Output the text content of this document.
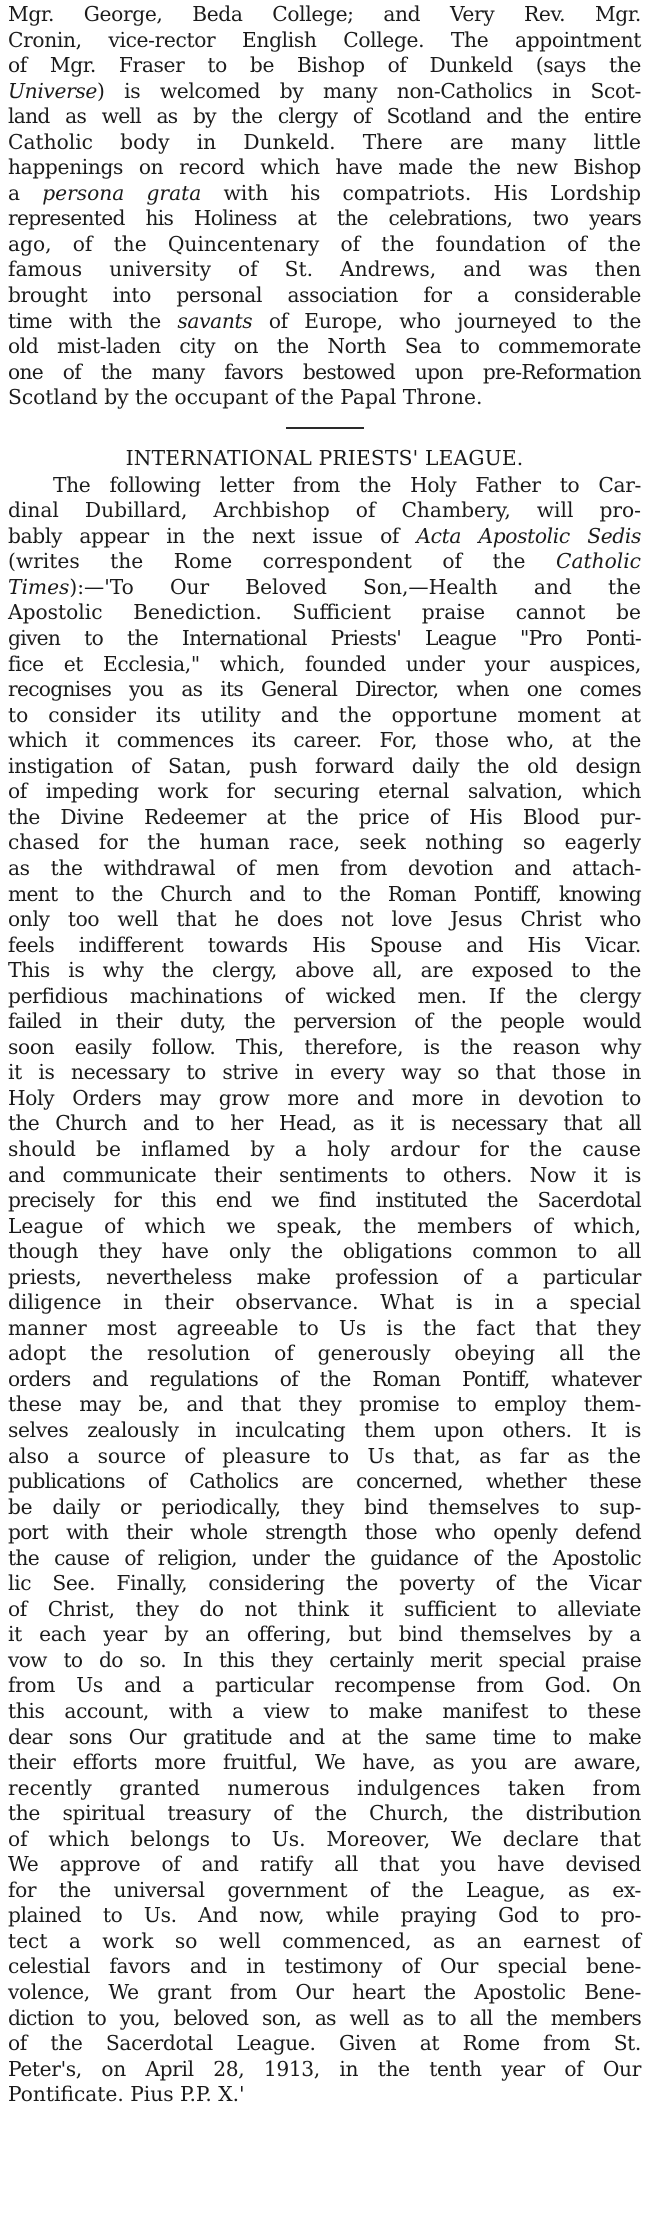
Mgr. George, Beda College; and Very Rev. Mgr.
Cronin, vice-rector English College. The appointment
of Mgr. Fraser to be Bishop of Dunkeld (says the
Universe) is welcomed by many non-Catholics in Scot-
land as well as by the clergy of Scotland and the entire
Catholic body in Dunkeld. There are many little
happenings on record which have made the new Bishop
a persona grata with his compatriots. His Lordship
represented his Holiness at the celebrations, two years
ago, of the Quincentenary of the foundation of the
famous university of St. Andrews, and was then
brought into personal association for a considerable
time with the savants of Europe, who journeyed to the
old mist-laden city on the North Sea to commemorate
one of the many favors bestowed upon pre-Reformation
Scotland by the occupant of the Papal Throne.
INTERNATIONAL PRIESTS' LEAGUE.
The following letter from the Holy Father to Car-
dinal Dubillard, Archbishop of Chambery, will pro-
bably appear in the next issue of Acta Apostolic Sedis
(writes the Rome correspondent of the Catholic
Times):—'To Our Beloved Son,—Health and the
Apostolic Benediction. Sufficient praise cannot be
given to the International Priests' League "Pro Ponti-
fice et Ecclesia," which, founded under your auspices,
recognises you as its General Director, when one comes
to consider its utility and the opportune moment at
which it commences its career. For, those who, at the
instigation of Satan, push forward daily the old design
of impeding work for securing eternal salvation, which
the Divine Redeemer at the price of His Blood pur-
chased for the human race, seek nothing so eagerly
as the withdrawal of men from devotion and attach-
ment to the Church and to the Roman Pontiff, knowing
only too well that he does not love Jesus Christ who
feels indifferent towards His Spouse and His Vicar.
This is why the clergy, above all, are exposed to the
perfidious machinations of wicked men. If the clergy
failed in their duty, the perversion of the people would
soon easily follow. This, therefore, is the reason why
it is necessary to strive in every way so that those in
Holy Orders may grow more and more in devotion to
the Church and to her Head, as it is necessary that all
should be inflamed by a holy ardour for the cause
and communicate their sentiments to others. Now it is
precisely for this end we find instituted the Sacerdotal
League of which we speak, the members of which,
though they have only the obligations common to all
priests, nevertheless make profession of a particular
diligence in their observance. What is in a special
manner most agreeable to Us is the fact that they
adopt the resolution of generously obeying all the
orders and regulations of the Roman Pontiff, whatever
these may be, and that they promise to employ them-
selves zealously in inculcating them upon others. It is
also a source of pleasure to Us that, as far as the
publications of Catholics are concerned, whether these
be daily or periodically, they bind themselves to sup-
port with their whole strength those who openly defend
the cause of religion, under the guidance of the Apostolic
lic See. Finally, considering the poverty of the Vicar
of Christ, they do not think it sufficient to alleviate
it each year by an offering, but bind themselves by a
vow to do so. In this they certainly merit special praise
from Us and a particular recompense from God. On
this account, with a view to make manifest to these
dear sons Our gratitude and at the same time to make
their efforts more fruitful, We have, as you are aware,
recently granted numerous indulgences taken from
the spiritual treasury of the Church, the distribution
of which belongs to Us. Moreover, We declare that
We approve of and ratify all that you have devised
for the universal government of the League, as ex-
plained to Us. And now, while praying God to pro-
tect a work so well commenced, as an earnest of
celestial favors and in testimony of Our special bene-
volence, We grant from Our heart the Apostolic Bene-
diction to you, beloved son, as well as to all the members
of the Sacerdotal League. Given at Rome from St.
Peter's, on April 28, 1913, in the tenth year of Our
Pontificate. Pius P.P. X.'
